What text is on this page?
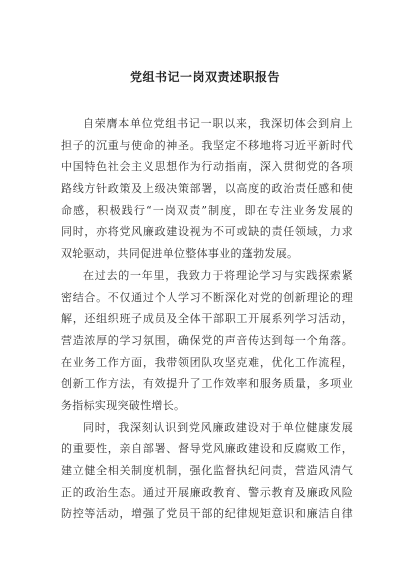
党组书记一岗双责述职报告
自荣膺本单位党组书记一职以来，我深切体会到肩上
担子的沉重与使命的神圣。我坚定不移地将习近平新时代
中国特色社会主义思想作为行动指南，深入贯彻党的各项
路线方针政策及上级决策部署，以高度的政治责任感和使
命感，积极践行“一岗双责”制度，即在专注业务发展的
同时，亦将党风廉政建设视为不可或缺的责任领域，力求
双轮驱动，共同促进单位整体事业的蓬勃发展。
在过去的一年里，我致力于将理论学习与实践探索紧
密结合。不仅通过个人学习不断深化对党的创新理论的理
解，还组织班子成员及全体干部职工开展系列学习活动，
营造浓厚的学习氛围，确保党的声音传达到每一个角落。
在业务工作方面，我带领团队攻坚克难，优化工作流程，
创新工作方法，有效提升了工作效率和服务质量，多项业
务指标实现突破性增长。
同时，我深刻认识到党风廉政建设对于单位健康发展
的重要性，亲自部署、督导党风廉政建设和反腐败工作，
建立健全相关制度机制，强化监督执纪问责，营造风清气
正的政治生态。通过开展廉政教育、警示教育及廉政风险
防控等活动，增强了党员干部的纪律规矩意识和廉洁自律
